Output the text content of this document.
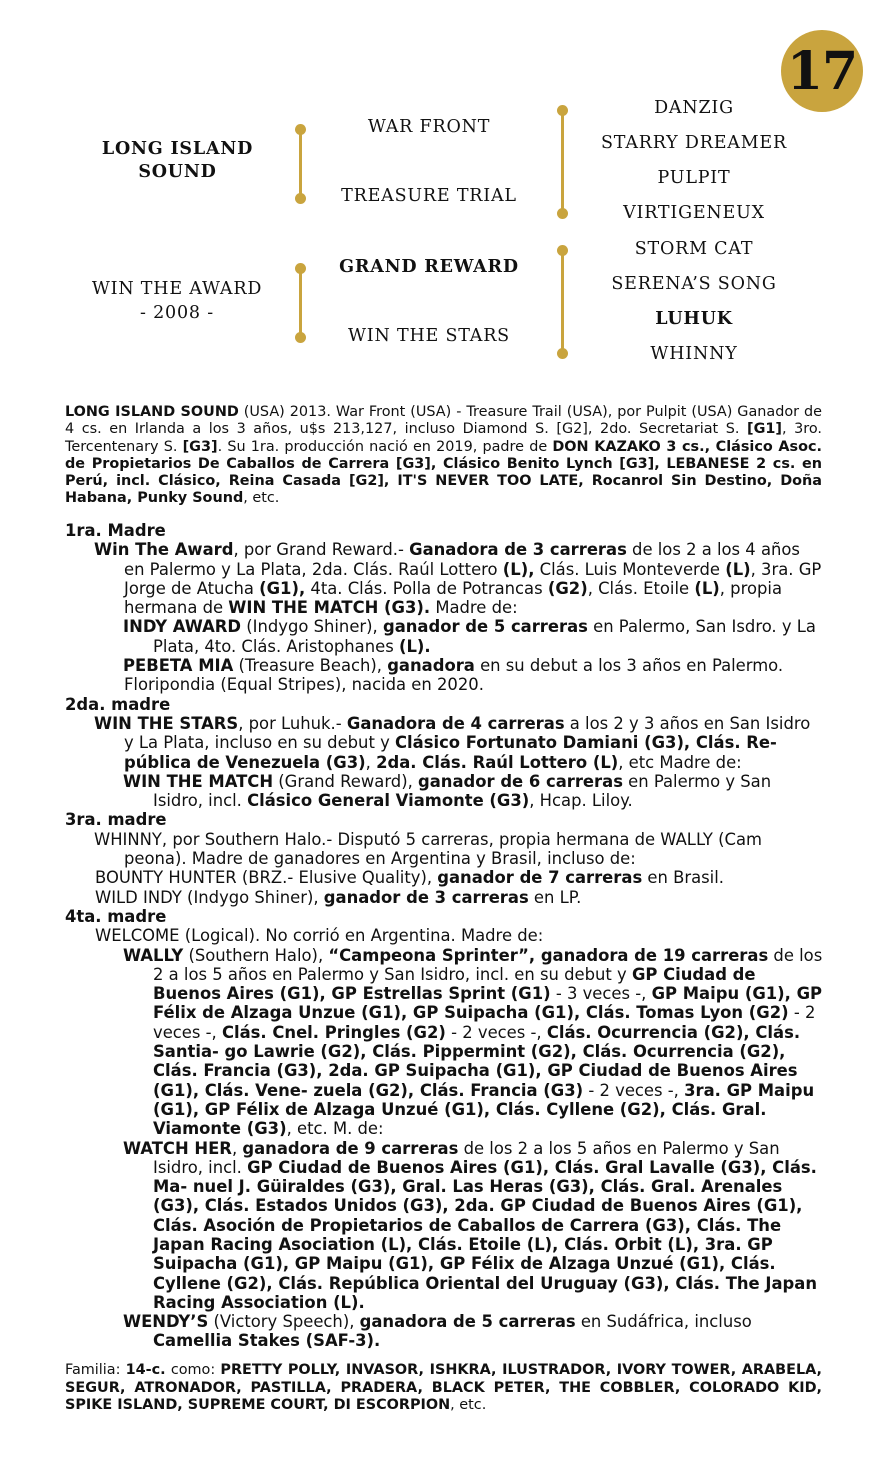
17
LONG ISLAND SOUND
WIN THE AWARD
- 2008 -
WAR FRONT
TREASURE TRIAL
GRAND REWARD
WIN THE STARS
DANZIG
STARRY DREAMER
PULPIT
VIRTIGENEUX
STORM CAT
SERENA’S SONG
LUHUK
WHINNY
LONG ISLAND SOUND (USA) 2013. War Front (USA) - Treasure Trail (USA), por Pulpit (USA) Ganador de 4 cs. en Irlanda a los 3 años, u$s 213,127, incluso Diamond S. [G2], 2do. Secretariat S. [G1], 3ro. Tercentenary S. [G3]. Su 1ra. producción nació en 2019, padre de DON KAZAKO 3 cs., Clásico Asoc. de Propietarios De Caballos de Carrera [G3], Clásico Benito Lynch [G3], LEBANESE 2 cs. en Perú, incl. Clásico, Reina Casada [G2], IT'S NEVER TOO LATE, Rocanrol Sin Destino, Doña Habana, Punky Sound, etc.
1ra. Madre
Win The Award, por Grand Reward.- Ganadora de 3 carreras de los 2 a los 4 años en Palermo y La Plata, 2da. Clás. Raúl Lottero (L), Clás. Luis Monteverde (L), 3ra. GP Jorge de Atucha (G1), 4ta. Clás. Polla de Potrancas (G2), Clás. Etoile (L), propia hermana de WIN THE MATCH (G3). Madre de:
INDY AWARD (Indygo Shiner), ganador de 5 carreras en Palermo, San Isdro. y La Plata, 4to. Clás. Aristophanes (L).
PEBETA MIA (Treasure Beach), ganadora en su debut a los 3 años en Palermo.
Floripondia (Equal Stripes), nacida en 2020.
2da. madre
WIN THE STARS, por Luhuk.- Ganadora de 4 carreras a los 2 y 3 años en San Isidro y La Plata, incluso en su debut y Clásico Fortunato Damiani (G3), Clás. Re- pública de Venezuela (G3), 2da. Clás. Raúl Lottero (L), etc Madre de:
WIN THE MATCH (Grand Reward), ganador de 6 carreras en Palermo y San Isidro, incl. Clásico General Viamonte (G3), Hcap. Liloy.
3ra. madre
WHINNY, por Southern Halo.- Disputó 5 carreras, propia hermana de WALLY (Cam peona). Madre de ganadores en Argentina y Brasil, incluso de:
BOUNTY HUNTER (BRZ.- Elusive Quality), ganador de 7 carreras en Brasil.
WILD INDY (Indygo Shiner), ganador de 3 carreras en LP.
4ta. madre
WELCOME (Logical). No corrió en Argentina. Madre de:
WALLY (Southern Halo), “Campeona Sprinter”, ganadora de 19 carreras de los 2 a los 5 años en Palermo y San Isidro, incl. en su debut y GP Ciudad de Buenos Aires (G1), GP Estrellas Sprint (G1) - 3 veces -, GP Maipu (G1), GP Félix de Alzaga Unzue (G1), GP Suipacha (G1), Clás. Tomas Lyon (G2) - 2 veces -, Clás. Cnel. Pringles (G2) - 2 veces -, Clás. Ocurrencia (G2), Clás. Santia- go Lawrie (G2), Clás. Pippermint (G2), Clás. Ocurrencia (G2), Clás. Francia (G3), 2da. GP Suipacha (G1), GP Ciudad de Buenos Aires (G1), Clás. Vene- zuela (G2), Clás. Francia (G3) - 2 veces -, 3ra. GP Maipu (G1), GP Félix de Alzaga Unzué (G1), Clás. Cyllene (G2), Clás. Gral. Viamonte (G3), etc. M. de:
WATCH HER, ganadora de 9 carreras de los 2 a los 5 años en Palermo y San Isidro, incl. GP Ciudad de Buenos Aires (G1), Clás. Gral Lavalle (G3), Clás. Ma- nuel J. Güiraldes (G3), Gral. Las Heras (G3), Clás. Gral. Arenales (G3), Clás. Estados Unidos (G3), 2da. GP Ciudad de Buenos Aires (G1), Clás. Asoción de Propietarios de Caballos de Carrera (G3), Clás. The Japan Racing Asociation (L), Clás. Etoile (L), Clás. Orbit (L), 3ra. GP Suipacha (G1), GP Maipu (G1), GP Félix de Alzaga Unzué (G1), Clás. Cyllene (G2), Clás. República Oriental del Uruguay (G3), Clás. The Japan Racing Association (L).
WENDY’S (Victory Speech), ganadora de 5 carreras en Sudáfrica, incluso Camellia Stakes (SAF-3).
Familia: 14-c. como: PRETTY POLLY, INVASOR, ISHKRA, ILUSTRADOR, IVORY TOWER, ARABELA, SEGUR, ATRONADOR, PASTILLA, PRADERA, BLACK PETER, THE COBBLER, COLORADO KID, SPIKE ISLAND, SUPREME COURT, DI ESCORPION, etc.
